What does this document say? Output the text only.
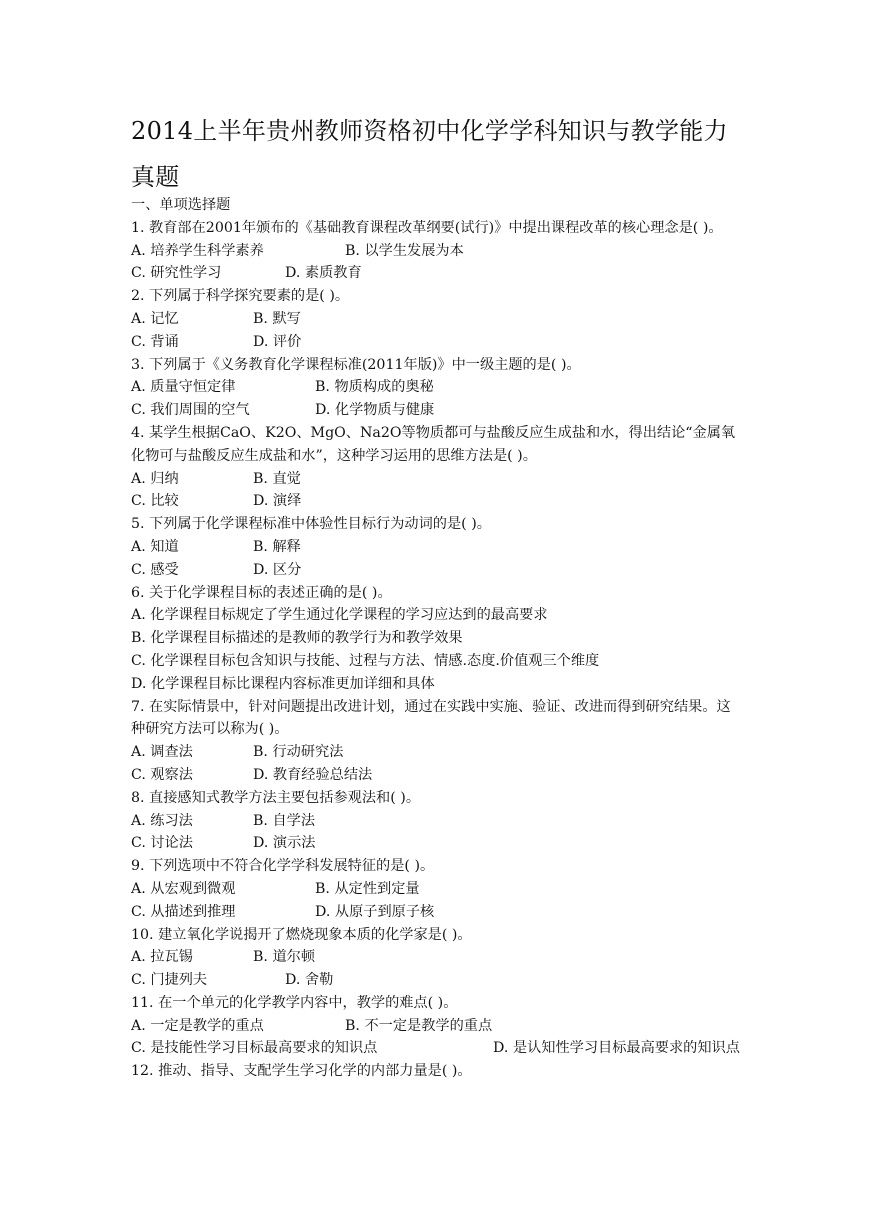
2014上半年贵州教师资格初中化学学科知识与教学能力真题
一、单项选择题
1. 教育部在2001年颁布的《基础教育课程改革纲要(试行)》中提出课程改革的核心理念是( )。
A. 培养学生科学素养	B. 以学生发展为本
C. 研究性学习	D. 素质教育
2. 下列属于科学探究要素的是( )。
A. 记忆	B. 默写
C. 背诵	D. 评价
3. 下列属于《义务教育化学课程标准(2011年版)》中一级主题的是( )。
A. 质量守恒定律	B. 物质构成的奥秘
C. 我们周围的空气	D. 化学物质与健康
4. 某学生根据CaO、K2O、MgO、Na2O等物质都可与盐酸反应生成盐和水，得出结论“金属氧化物可与盐酸反应生成盐和水”，这种学习运用的思维方法是( )。
A. 归纳	B. 直觉
C. 比较	D. 演绎
5. 下列属于化学课程标准中体验性目标行为动词的是( )。
A. 知道	B. 解释
C. 感受	D. 区分
6. 关于化学课程目标的表述正确的是( )。
A. 化学课程目标规定了学生通过化学课程的学习应达到的最高要求
B. 化学课程目标描述的是教师的教学行为和教学效果
C. 化学课程目标包含知识与技能、过程与方法、情感.态度.价值观三个维度
D. 化学课程目标比课程内容标准更加详细和具体
7. 在实际情景中，针对问题提出改进计划，通过在实践中实施、验证、改进而得到研究结果。这种研究方法可以称为( )。
A. 调查法	B. 行动研究法
C. 观察法	D. 教育经验总结法
8. 直接感知式教学方法主要包括参观法和( )。
A. 练习法	B. 自学法
C. 讨论法	D. 演示法
9. 下列选项中不符合化学学科发展特征的是( )。
A. 从宏观到微观	B. 从定性到定量
C. 从描述到推理	D. 从原子到原子核
10. 建立氧化学说揭开了燃烧现象本质的化学家是( )。
A. 拉瓦锡	B. 道尔顿
C. 门捷列夫	D. 舍勒
11. 在一个单元的化学教学内容中，教学的难点( )。
A. 一定是教学的重点	B. 不一定是教学的重点
C. 是技能性学习目标最高要求的知识点	D. 是认知性学习目标最高要求的知识点
12. 推动、指导、支配学生学习化学的内部力量是( )。
